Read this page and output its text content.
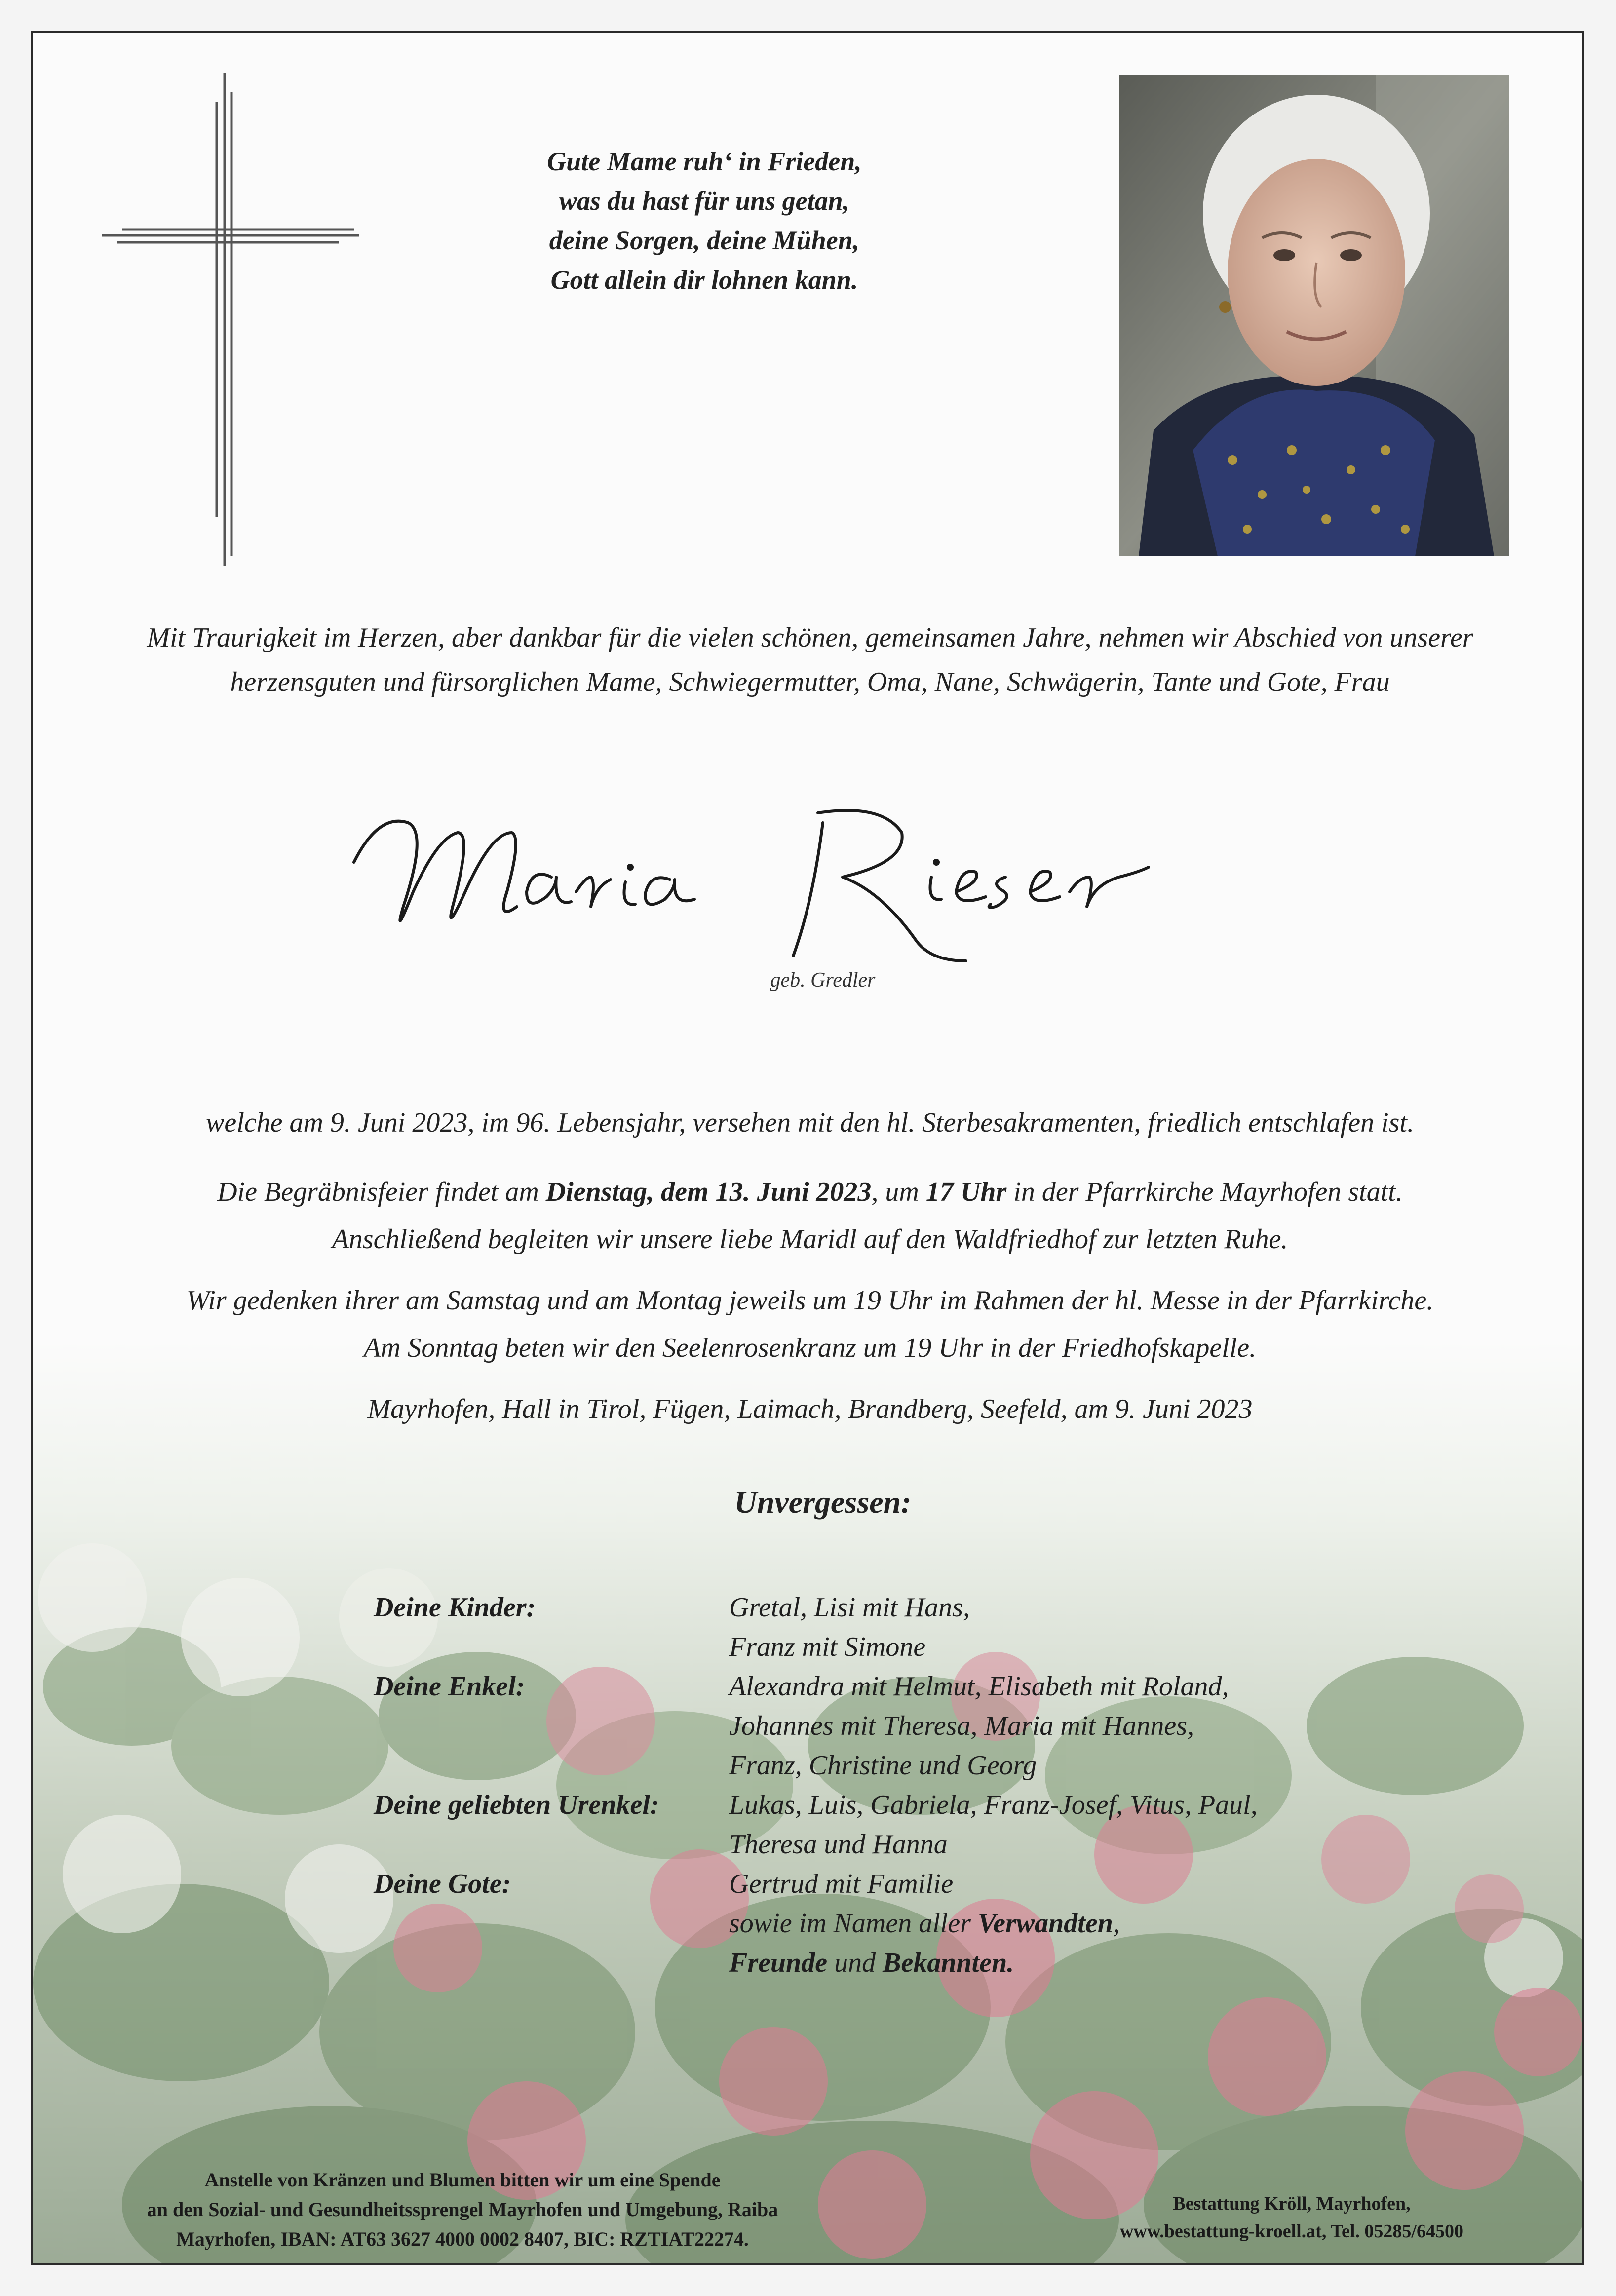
Gute Mame ruh‘ in Frieden,
was du hast für uns getan,
deine Sorgen, deine Mühen,
Gott allein dir lohnen kann.

Mit Traurigkeit im Herzen, aber dankbar für die vielen schönen, gemeinsamen Jahre, nehmen wir Abschied von unserer

herzensguten und fürsorglichen Mame, Schwiegermutter, Oma, Nane, Schwägerin, Tante und Gote, Frau

geb. Gredler

welche am 9. Juni 2023, im 96. Lebensjahr, versehen mit den hl. Sterbesakramenten, friedlich entschlafen ist.

Die Begräbnisfeier findet am Dienstag, dem 13. Juni 2023, um 17 Uhr in der Pfarrkirche Mayrhofen statt.

Anschließend begleiten wir unsere liebe Maridl auf den Waldfriedhof zur letzten Ruhe.

Wir gedenken ihrer am Samstag und am Montag jeweils um 19 Uhr im Rahmen der hl. Messe in der Pfarrkirche.

Am Sonntag beten wir den Seelenrosenkranz um 19 Uhr in der Friedhofskapelle.

Mayrhofen, Hall in Tirol, Fügen, Laimach, Brandberg, Seefeld, am 9. Juni 2023

Unvergessen:
Deine Kinder:	Gretal, Lisi mit Hans,
Franz mit Simone
Deine Enkel:	Alexandra mit Helmut, Elisabeth mit Roland,
Johannes mit Theresa, Maria mit Hannes,
Franz, Christine und Georg
Deine geliebten Urenkel:	Lukas, Luis, Gabriela, Franz-Josef, Vitus, Paul,
Theresa und Hanna
Deine Gote:	Gertrud mit Familie
sowie im Namen aller Verwandten,
Freunde und Bekannten.

Anstelle von Kränzen und Blumen bitten wir um eine Spende

an den Sozial- und Gesundheitssprengel Mayrhofen und Umgebung, Raiba

Mayrhofen, IBAN: AT63 3627 4000 0002 8407, BIC: RZTIAT22274.

Bestattung Kröll, Mayrhofen,

www.bestattung-kroell.at, Tel. 05285/64500
